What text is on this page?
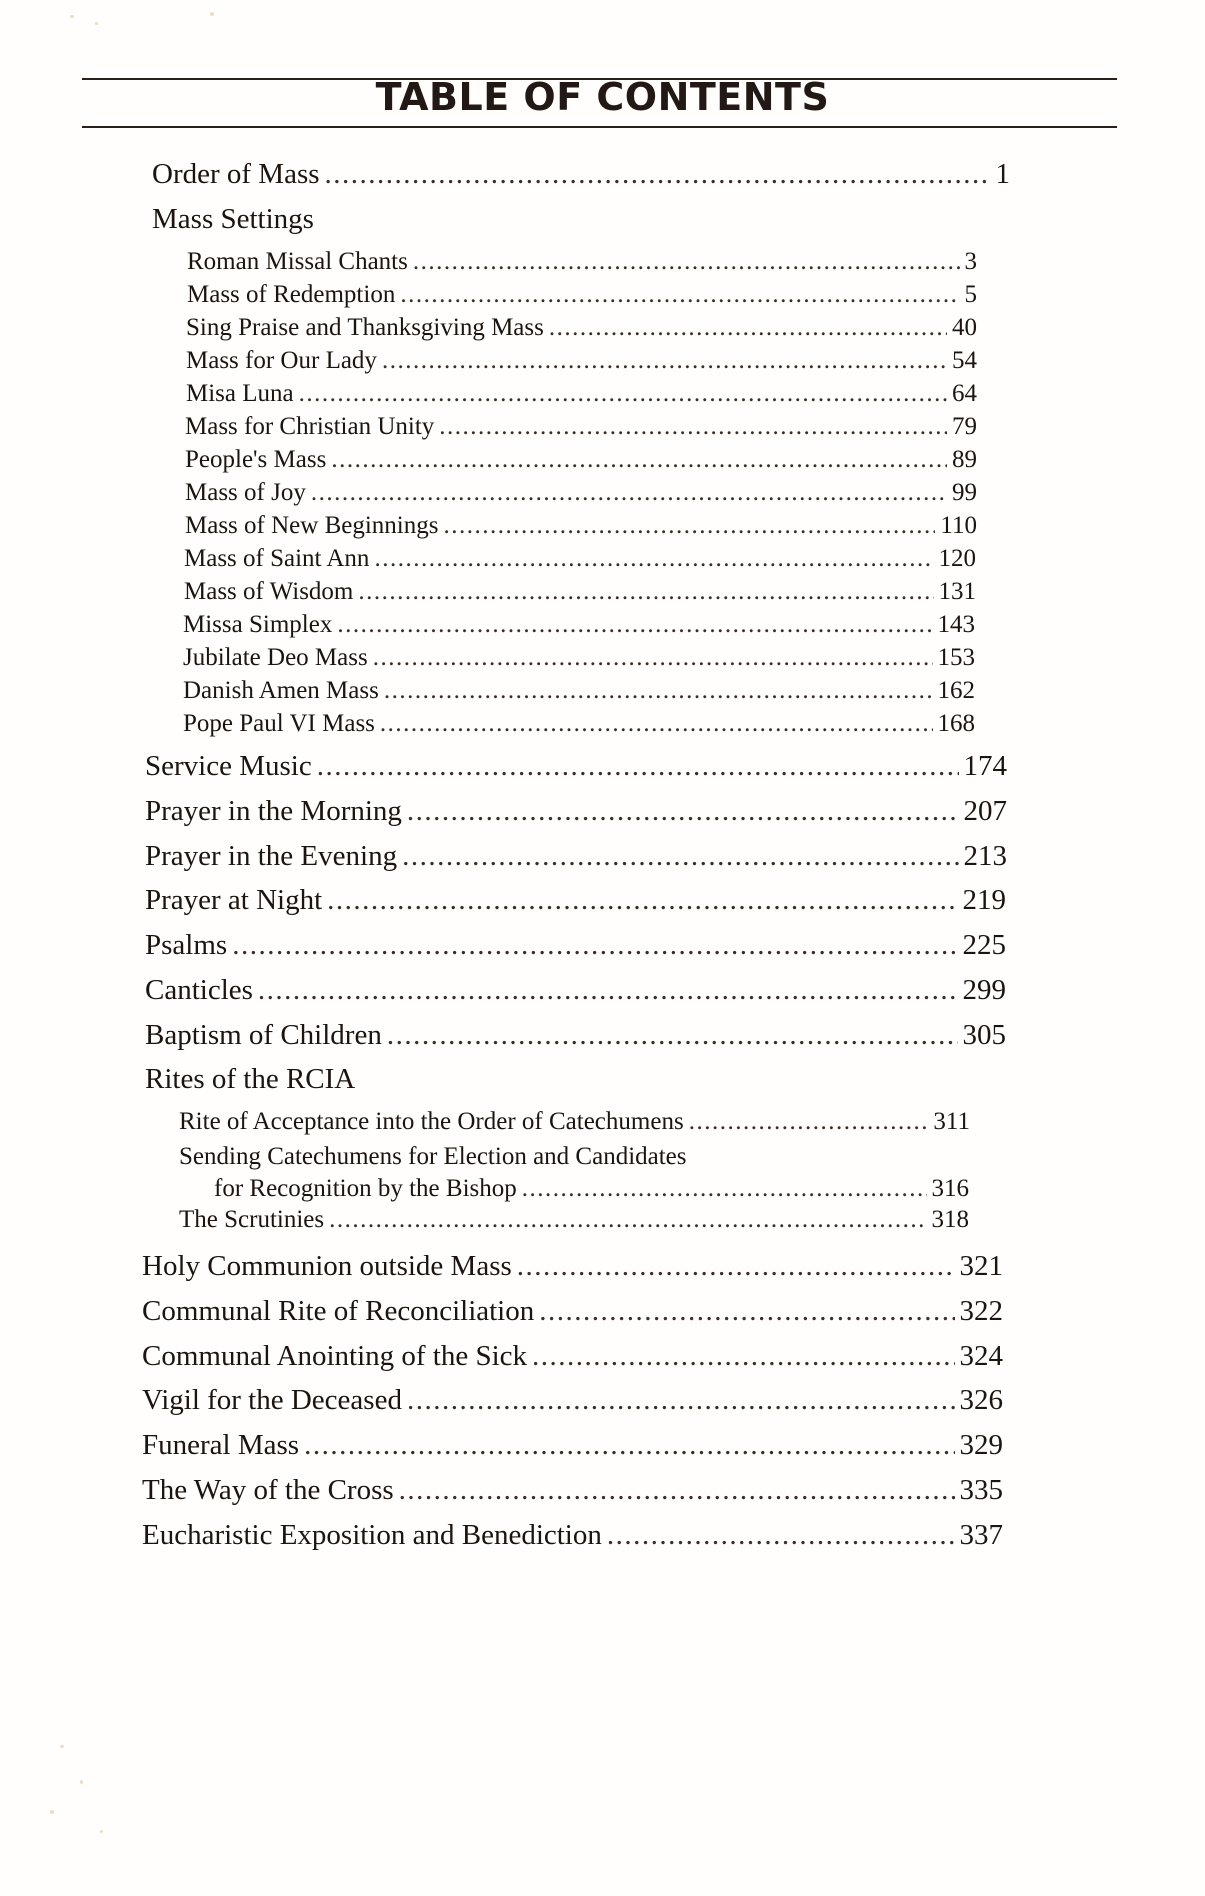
TABLE OF CONTENTS
Order of Mass .....	1
Mass Settings
Roman Missal Chants .....	3
Mass of Redemption .....	5
Sing Praise and Thanksgiving Mass .....	40
Mass for Our Lady .....	54
Misa Luna .....	64
Mass for Christian Unity .....	79
People's Mass .....	89
Mass of Joy .....	99
Mass of New Beginnings .....	110
Mass of Saint Ann .....	120
Mass of Wisdom .....	131
Missa Simplex .....	143
Jubilate Deo Mass .....	153
Danish Amen Mass .....	162
Pope Paul VI Mass .....	168
Service Music .....	174
Prayer in the Morning .....	207
Prayer in the Evening .....	213
Prayer at Night .....	219
Psalms .....	225
Canticles .....	299
Baptism of Children .....	305
Rites of the RCIA
Rite of Acceptance into the Order of Catechumens .....	311
Sending Catechumens for Election and Candidates
for Recognition by the Bishop .....	316
The Scrutinies .....	318
Holy Communion outside Mass .....	321
Communal Rite of Reconciliation .....	322
Communal Anointing of the Sick .....	324
Vigil for the Deceased .....	326
Funeral Mass .....	329
The Way of the Cross .....	335
Eucharistic Exposition and Benediction .....	337
